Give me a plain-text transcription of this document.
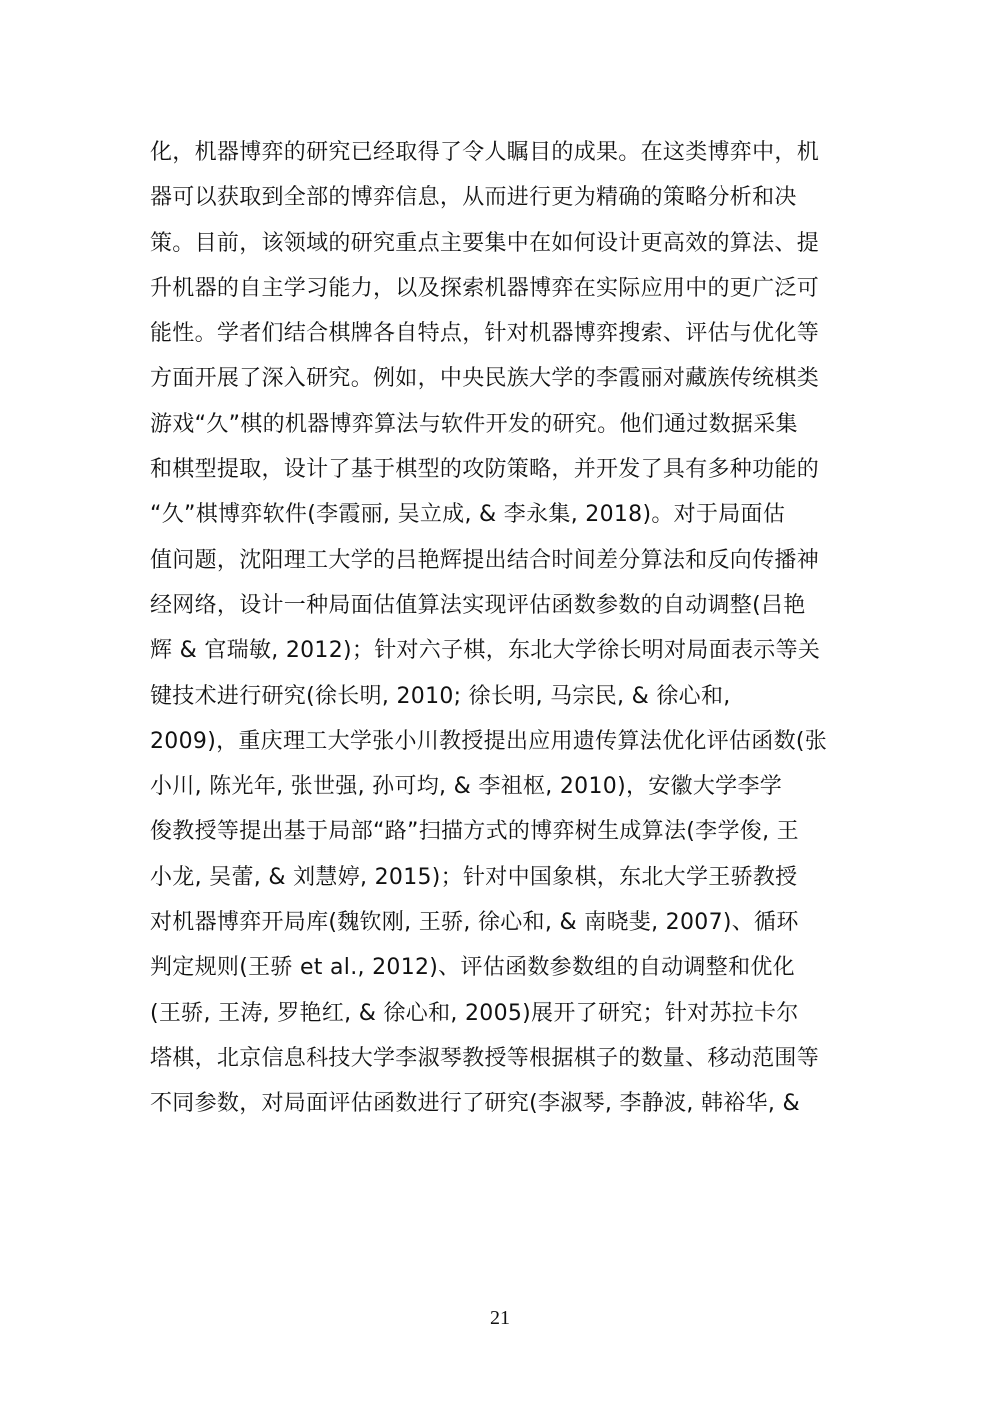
化，机器博弈的研究已经取得了令人瞩目的成果。在这类博弈中，机
器可以获取到全部的博弈信息，从而进行更为精确的策略分析和决
策。目前，该领域的研究重点主要集中在如何设计更高效的算法、提
升机器的自主学习能力，以及探索机器博弈在实际应用中的更广泛可
能性。学者们结合棋牌各自特点，针对机器博弈搜索、评估与优化等
方面开展了深入研究。例如，中央民族大学的李霞丽对藏族传统棋类
游戏“久”棋的机器博弈算法与软件开发的研究。他们通过数据采集
和棋型提取，设计了基于棋型的攻防策略，并开发了具有多种功能的
“久”棋博弈软件(李霞丽, 吴立成, & 李永集, 2018)。对于局面估
值问题，沈阳理工大学的吕艳辉提出结合时间差分算法和反向传播神
经网络，设计一种局面估值算法实现评估函数参数的自动调整(吕艳
辉 & 官瑞敏, 2012)；针对六子棋，东北大学徐长明对局面表示等关
键技术进行研究(徐长明, 2010; 徐长明, 马宗民, & 徐心和,
2009)，重庆理工大学张小川教授提出应用遗传算法优化评估函数(张
小川, 陈光年, 张世强, 孙可均, & 李祖枢, 2010)，安徽大学李学
俊教授等提出基于局部“路”扫描方式的博弈树生成算法(李学俊, 王
小龙, 吴蕾, & 刘慧婷, 2015)；针对中国象棋，东北大学王骄教授
对机器博弈开局库(魏钦刚, 王骄, 徐心和, & 南晓斐, 2007)、循环
判定规则(王骄 et al., 2012)、评估函数参数组的自动调整和优化
(王骄, 王涛, 罗艳红, & 徐心和, 2005)展开了研究；针对苏拉卡尔
塔棋，北京信息科技大学李淑琴教授等根据棋子的数量、移动范围等
不同参数，对局面评估函数进行了研究(李淑琴, 李静波, 韩裕华, &
21
